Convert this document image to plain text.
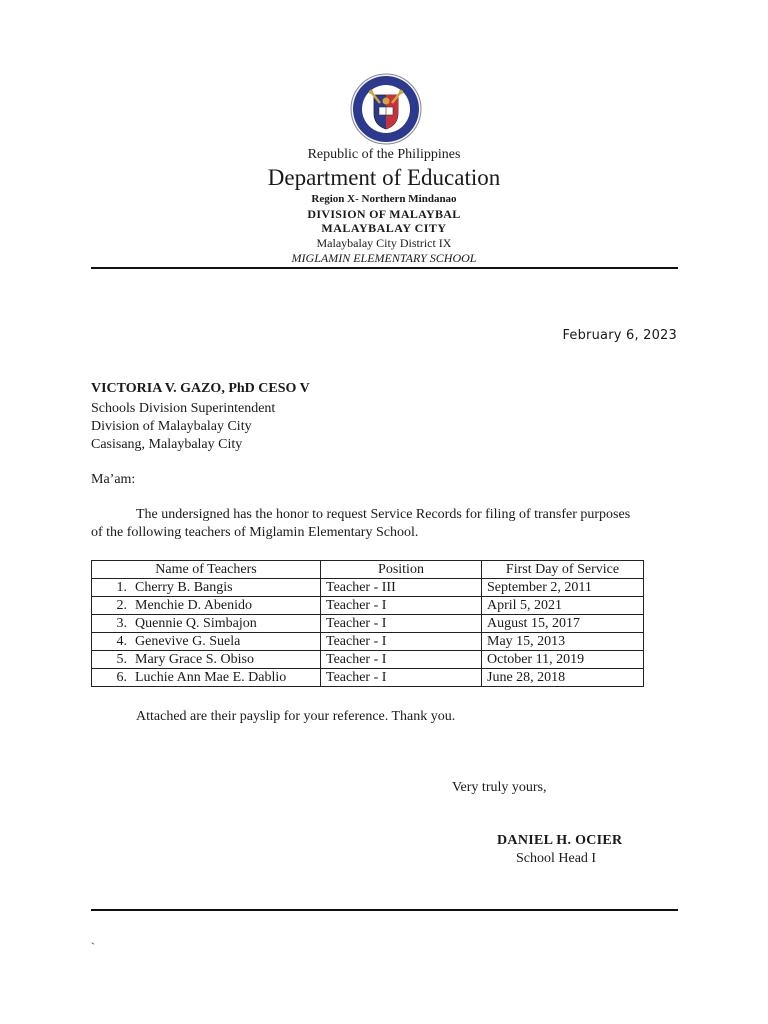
Republic of the Philippines
Department of Education
Region X- Northern Mindanao
DIVISION OF MALAYBAL
MALAYBALAY CITY
Malaybalay City District IX
MIGLAMIN ELEMENTARY SCHOOL
February 6, 2023
VICTORIA V. GAZO, PhD CESO V
Schools Division Superintendent
Division of Malaybalay City
Casisang, Malaybalay City
Ma’am:
The undersigned has the honor to request Service Records for filing of transfer purposes
of the following teachers of Miglamin Elementary School.
Name of Teachers	Position	First Day of Service
1. Cherry B. Bangis	Teacher - III	September 2, 2011
2. Menchie D. Abenido	Teacher - I	April 5, 2021
3. Quennie Q. Simbajon	Teacher - I	August 15, 2017
4. Genevive G. Suela	Teacher - I	May 15, 2013
5. Mary Grace S. Obiso	Teacher - I	October 11, 2019
6. Luchie Ann Mae E. Dablio	Teacher - I	June 28, 2018
Attached are their payslip for your reference. Thank you.
Very truly yours,
DANIEL H. OCIER
School Head I
`
